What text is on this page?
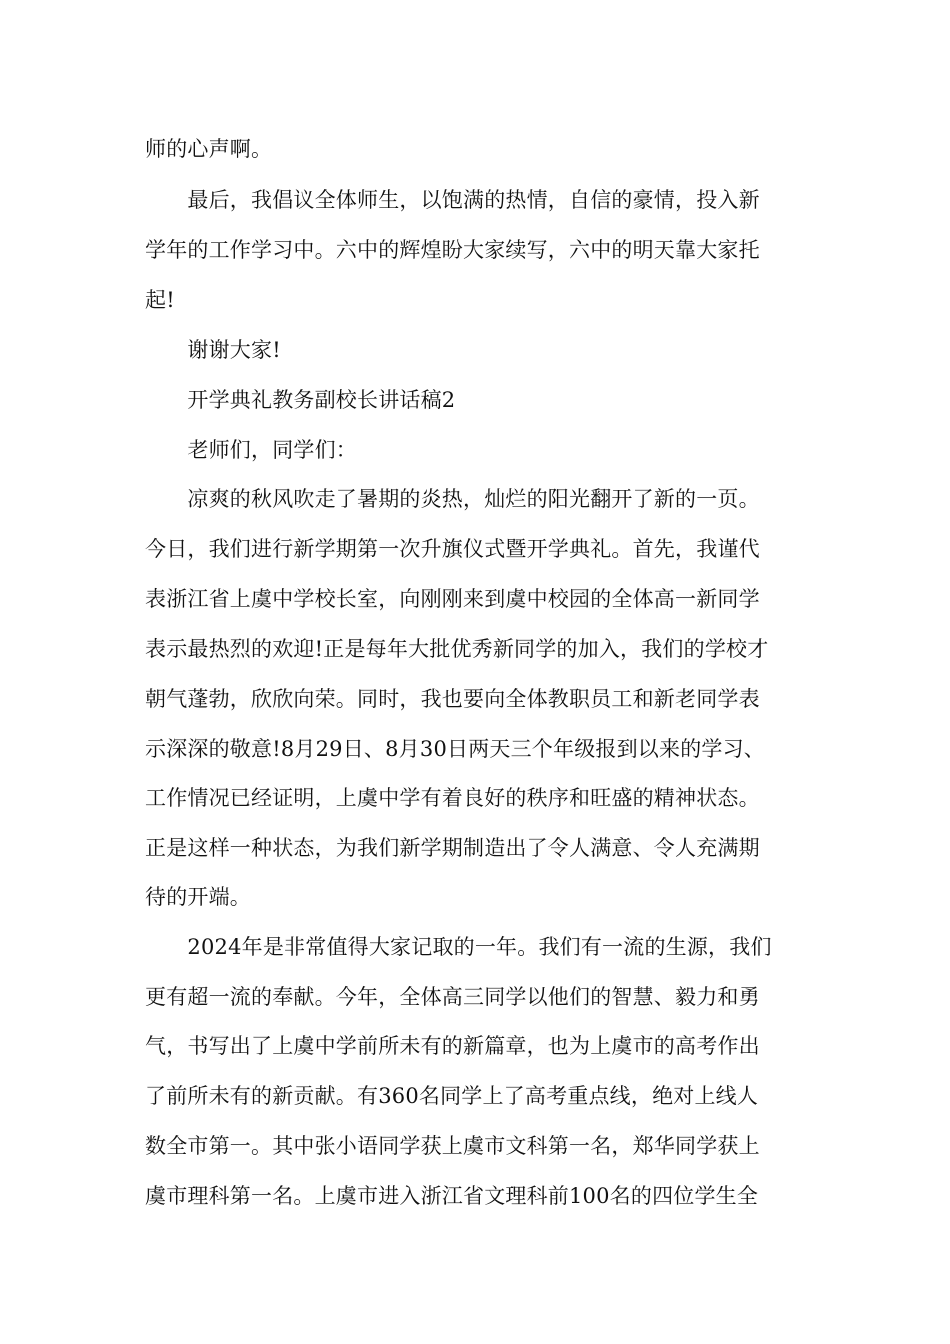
师的心声啊。
　　最后，我倡议全体师生，以饱满的热情，自信的豪情，投入新
学年的工作学习中。六中的辉煌盼大家续写，六中的明天靠大家托
起!
　　谢谢大家!
　　开学典礼教务副校长讲话稿2
　　老师们，同学们：
　　凉爽的秋风吹走了暑期的炎热，灿烂的阳光翻开了新的一页。
今日，我们进行新学期第一次升旗仪式暨开学典礼。首先，我谨代
表浙江省上虞中学校长室，向刚刚来到虞中校园的全体高一新同学
表示最热烈的欢迎!正是每年大批优秀新同学的加入，我们的学校才
朝气蓬勃，欣欣向荣。同时，我也要向全体教职员工和新老同学表
示深深的敬意!8月29日、8月30日两天三个年级报到以来的学习、
工作情况已经证明，上虞中学有着良好的秩序和旺盛的精神状态。
正是这样一种状态，为我们新学期制造出了令人满意、令人充满期
待的开端。
　　2024年是非常值得大家记取的一年。我们有一流的生源，我们
更有超一流的奉献。今年，全体高三同学以他们的智慧、毅力和勇
气，书写出了上虞中学前所未有的新篇章，也为上虞市的高考作出
了前所未有的新贡献。有360名同学上了高考重点线，绝对上线人
数全市第一。其中张小语同学获上虞市文科第一名，郑华同学获上
虞市理科第一名。上虞市进入浙江省文理科前100名的四位学生全
